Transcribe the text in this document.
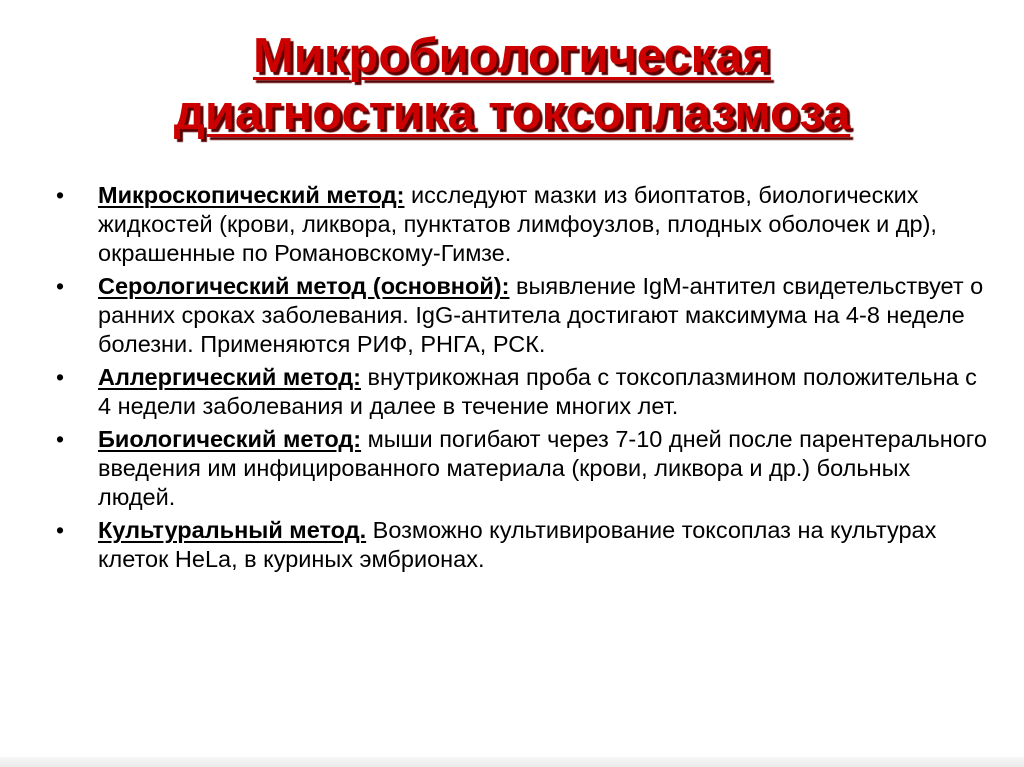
Микробиологическая
диагностика токсоплазмоза
•	Микроскопический метод: исследуют мазки из биоптатов, биологических жидкостей (крови, ликвора, пунктатов лимфоузлов, плодных оболочек и др), окрашенные по Романовскому-Гимзе.
•	Серологический метод (основной): выявление IgM-антител свидетельствует о ранних сроках заболевания. IgG-антитела достигают максимума на 4-8 неделе болезни. Применяются РИФ, РНГА, РСК.
•	Аллергический метод: внутрикожная проба с токсоплазмином положительна с 4 недели заболевания и далее в течение многих лет.
•	Биологический метод: мыши погибают через 7-10 дней после парентерального введения им инфицированного материала (крови, ликвора и др.) больных людей.
•	Культуральный метод. Возможно культивирование токсоплаз на культурах клеток HeLa, в куриных эмбрионах.
